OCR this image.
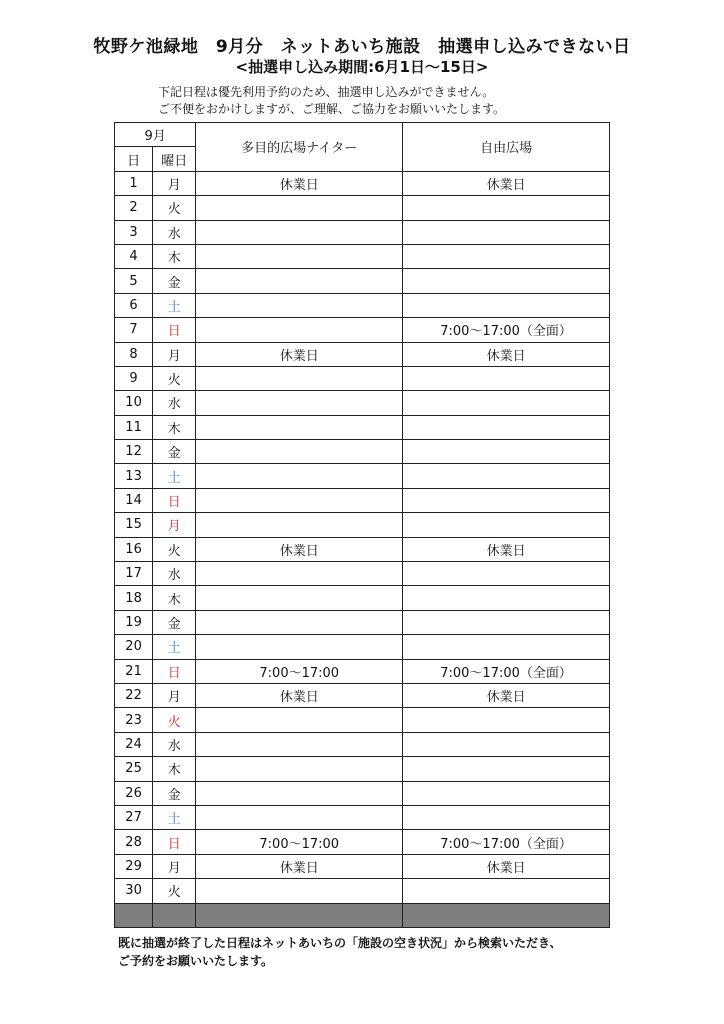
牧野ケ池緑地　9月分　ネットあいち施設　抽選申し込みできない日
<抽選申し込み期間:6月1日～15日>
下記日程は優先利用予約のため、抽選申し込みができません。
ご不便をおかけしますが、ご理解、ご協力をお願いいたします。
9月		多目的広場ナイター	自由広場
日	曜日		
1	月	休業日	休業日
2	火		
3	水		
4	木		
5	金		
6	土		
7	日		7:00～17:00（全面）
8	月	休業日	休業日
9	火		
10	水		
11	木		
12	金		
13	土		
14	日		
15	月		
16	火	休業日	休業日
17	水		
18	木		
19	金		
20	土		
21	日	7:00～17:00	7:00～17:00（全面）
22	月	休業日	休業日
23	火		
24	水		
25	木		
26	金		
27	土		
28	日	7:00～17:00	7:00～17:00（全面）
29	月	休業日	休業日
30	火		

既に抽選が終了した日程はネットあいちの「施設の空き状況」から検索いただき、
ご予約をお願いいたします。
